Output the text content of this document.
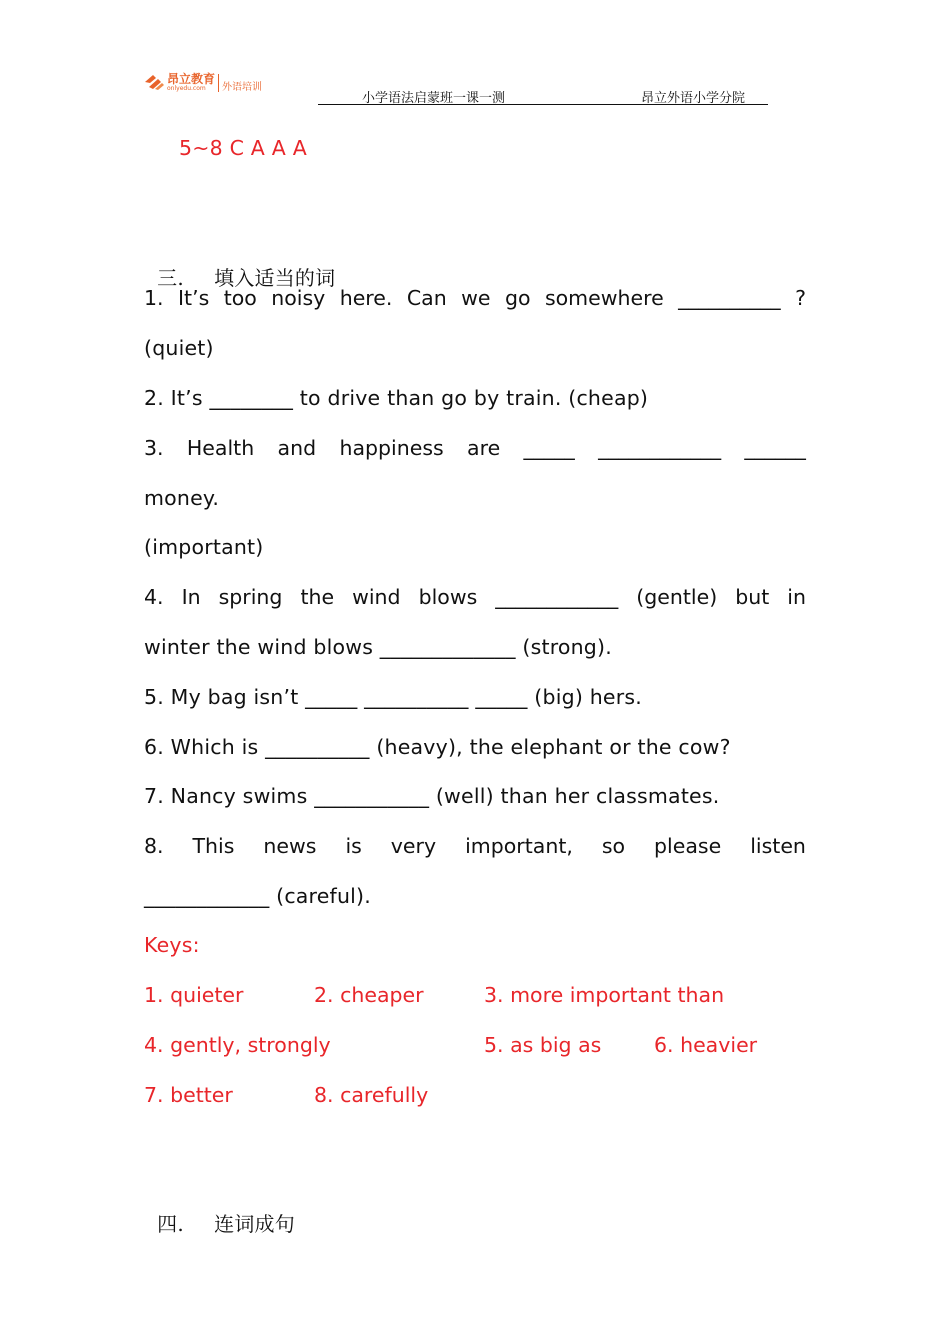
昂立教育
onlyedu.com 外语培训
小学语法启蒙班一课一测	昂立外语小学分院
5~8 C A A A

三. 填入适当的词

1. It’s too noisy here. Can we go somewhere __________ ?
(quiet)
2. It’s ________ to drive than go by train. (cheap)
3. Health and happiness are _____ ____________ ______
money.
(important)
4. In spring the wind blows ____________ (gentle) but in
winter the wind blows _____________ (strong).
5. My bag isn’t _____ __________ _____ (big) hers.
6. Which is __________ (heavy), the elephant or the cow?
7. Nancy swims ___________ (well) than her classmates.
8. This news is very important, so please listen
____________ (careful).
Keys:
1. quieter	2. cheaper	3. more important than
4. gently, strongly	5. as big as	6. heavier
7. better	8. carefully

四. 连词成句
